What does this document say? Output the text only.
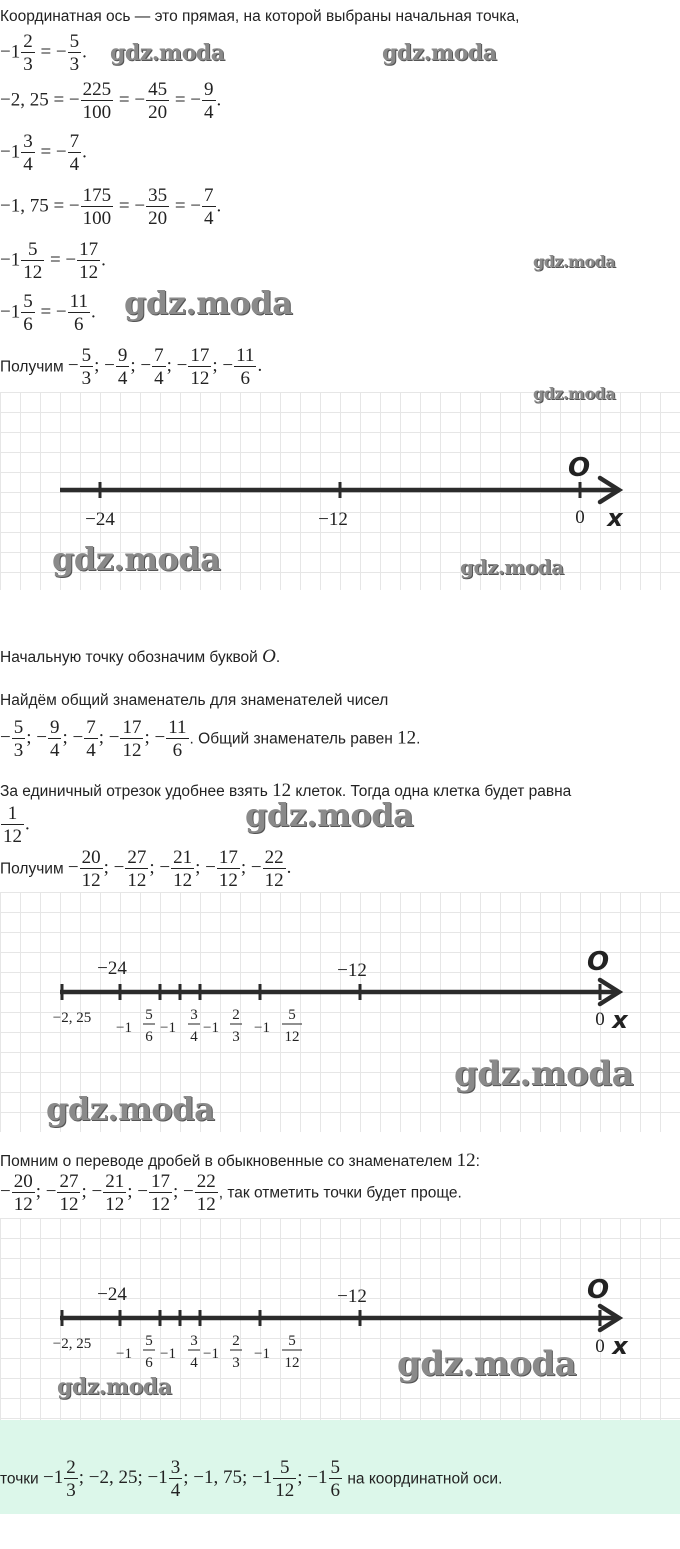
Координатная ось — это прямая, на которой выбраны начальная точка,
$-1 \frac{2}{3}$ = − $\frac{5}{3}$ .
−2, 25 = − $\frac{225}{100}$ = − $\frac{45}{20}$ = − $\frac{9}{4}$ .
$-1 \frac{3}{4}$ = − $\frac{7}{4}$ .
−1, 75 = − $\frac{175}{100}$ = − $\frac{35}{20}$ = − $\frac{7}{4}$ .
$-1 \frac{5}{12}$ = − $\frac{17}{12}$ .
$-1 \frac{5}{6}$ = − $\frac{11}{6}$ .
Получим − $\frac{5}{3}$ ; − $\frac{9}{4}$ ; − $\frac{7}{4}$ ; − $\frac{17}{12}$ ; − $\frac{11}{6}$ .
−24	−12	0
O
x
Начальную точку обозначим буквой O.
Найдём общий знаменатель для знаменателей чисел
− $\frac{5}{3}$ ; − $\frac{9}{4}$ ; − $\frac{7}{4}$ ; − $\frac{17}{12}$ ; − $\frac{11}{6}$ . Общий знаменатель равен 12.
За единичный отрезок удобнее взять 12 клеток. Тогда одна клетка будет равна
$\frac{1}{12}$ .
Получим − $\frac{20}{12}$ ; − $\frac{27}{12}$ ; − $\frac{21}{12}$ ; − $\frac{17}{12}$ ; − $\frac{22}{12}$ .
−24	−12	O
0 x
−2, 25
−1
5
6
−1
3
4
−1
2
3
−1
5
12
Помним о переводе дробей в обыкновенные со знаменателем 12:
− $\frac{20}{12}$ ; − $\frac{27}{12}$ ; − $\frac{21}{12}$ ; − $\frac{17}{12}$ ; − $\frac{22}{12}$ , так отметить точки будет проще.
−24	−12	O
0 x
−2, 25
−1
5
6
−1
3
4
−1
2
3
−1
5
12
точки $-1 \frac{2}{3}$ ; −2, 25; $-1 \frac{3}{4}$ ; −1, 75; $-1 \frac{5}{12}$ ; $-1 \frac{5}{6}$ на координатной оси.
gdz.moda	gdz.moda
gdz.moda
gdz.moda
gdz.moda
gdz.moda	gdz.moda
gdz.moda
gdz.moda
gdz.moda
gdz.moda
gdz.moda
